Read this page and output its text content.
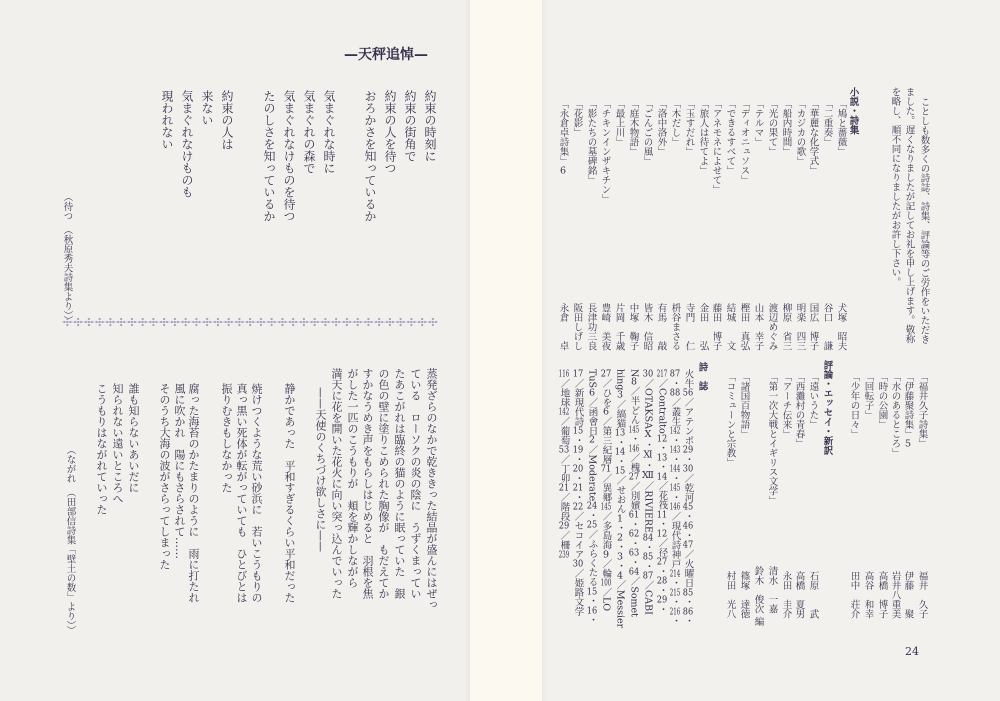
—天秤追悼—
約束の時刻に
約束の街角で
約束の人を待つ
おろかさを知っているか
気まぐれな時に
気まぐれの森で
気まぐれなけものを待つ
たのしさを知っているか
約束の人は
来ない
気まぐれなけものも
現われない
（待つ　（秋原秀夫詩集より））
蒸発ざらのなかで乾ききった結晶が盛んにはぜっ
ている　ローソクの炎の陰に　うずくまってい
たあこがれは臨終の猫のように眠っていた　銀
の色の壁に塗りこめられた胸像が　もだえてか
すかなうめき声をもらしはじめると　羽根を焦
がした一匹のこうもりが　頬を輝かしながら
満天に花を開いた花火に向い突っ込んでいった
——天使のくちづけ欲しさに——
静かであった　平和すぎるくらい平和だった
焼けつくような荒い砂浜に　若いこうもりの
真っ黒い死体が転がっていても　ひとびとは
振りむきもしなかった
腐った海苔のかたまりのように　雨に打たれ
風に吹かれ　陽にもさらされて……
そのうち大海の波がさらってしまった
誰も知らないあいだに
知られない遠いところへ
こうもりはながれていった
（ながれ　（田部信詩集「壁土の数」より））
ことしも数多くの詩誌、詩集、評論等のご労作をいただき
ました。遅くなりましたが記してお礼を申し上げます。敬称
を略し、順不同になりましたがお許し下さい。
小説・詩集
「鳩と薔薇」
犬塚　昭夫
「二重奏」
谷口　　謙
「華麗な化学式」
国広　博子
「カジカの歌」
明楽　四三
「船内時間」
柳原　省三
「光の果て」
渡辺めぐみ
「テルマ」
山本　幸子
「ディオニュソス」
樫田　真弘
「できるすべて」
結城　　文
「アネモネによせて」
藤田　博子
「旅人は待てよ」
金田　　弘
「玉すだれ」
寺門　　仁
「木だし」
枡谷まさる
「洛中洛外」
有馬　　敲
「ごんごの風」
皆木　信昭
「庭木物語」
中塚　鞠子
「最上川」
片岡　千歳
「チキンインザキチン」
豊崎　美夜
「影たちの墓碑銘」
長津功三良
「花影」
阪田しげし
「永倉卓詩集」6
永倉　　卓
「福井久子詩集」
福井　久子
「伊藤聚詩集」5
伊藤　　聚
「水のあるところ」
岩井八重美
「時の公園」
高橋　博子
「回転子」
高谷　和幸
「少年の日々」
田中　荘介
評論・エッセイ・新訳
「遠いうた」
石原　　武
「西灘村の青春」
高橋　夏男
「アーチ伝来」
永田　圭介
「第一次大戦とイギリス文学」
清水　一嘉
鈴木　俊次 編
「諸国百物語」
篠塚　達徳
「コミューンと宗教」
村田　光八
詩　誌
火牛56／アテンポ29・30／乾河45・46・47／火曜日85・86・
87・88／叢生142・143・144・145・146／現代詩神戸214・215・216・
217／Contralto12・13・14／花筏11・12／径27・28・29・
30／OTAKSAⅩ・Ⅺ・Ⅻ／RIVIERE84・85・87／CABI
N8／半どん145・146／槐27／別嬪61・62・63・64／Somet
hing3／縞猫13・14・15／せおん1・2・3・4／Messier
27／ひを6／第三紀層71／異郷145／多島海9／輪100／LO
TuS6／函會日2／Moderate24・25／ふらくたる15・16・
17／新現代詩15・19・20・21・22／セコイア30／姫路文学
116／地球142／葡萄53／丁卯21／階段29／柵239
24
